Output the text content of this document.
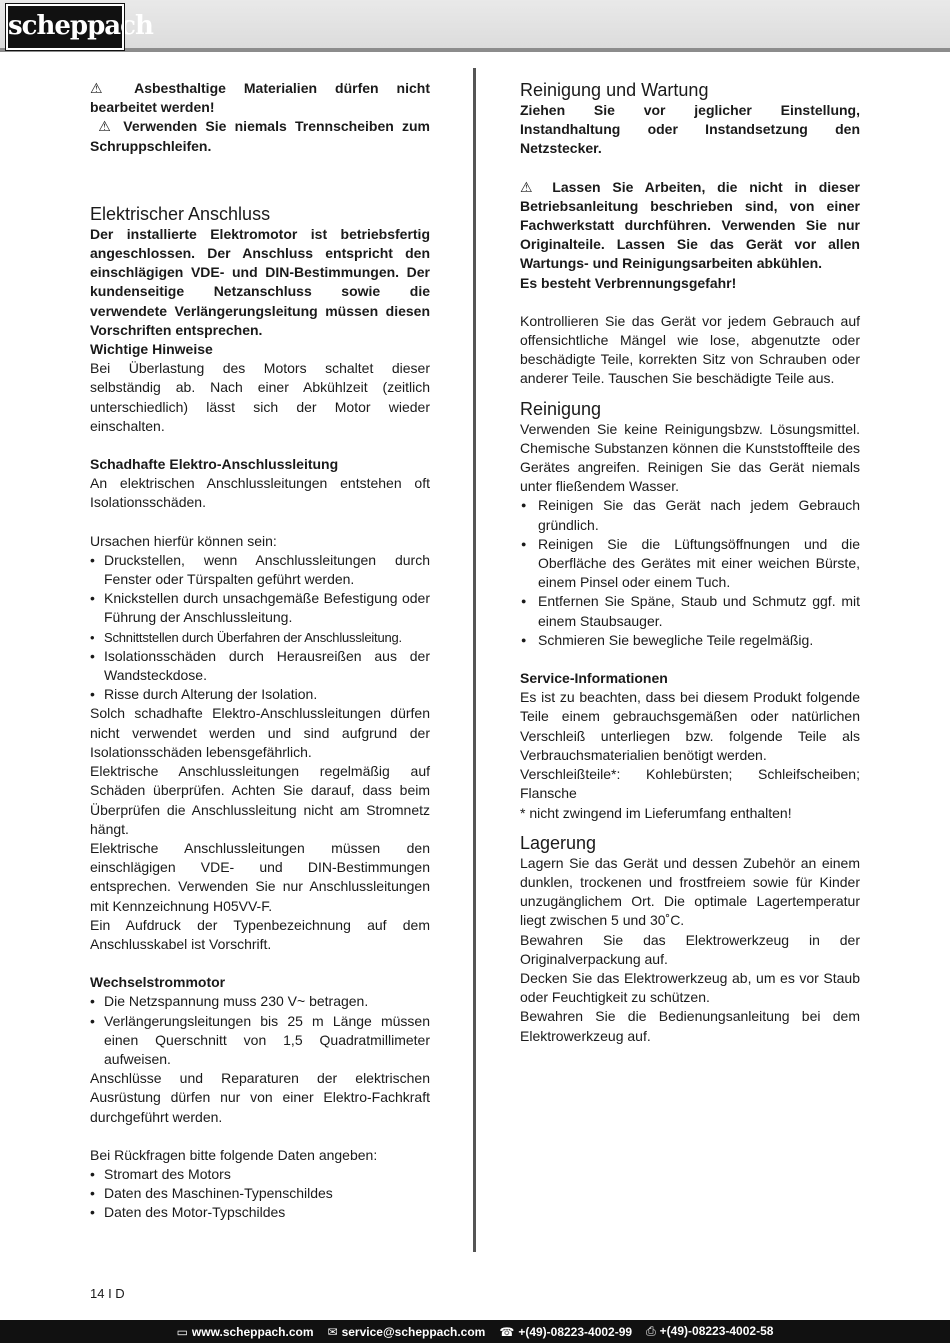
scheppach

⚠ Asbesthaltige Materialien dürfen nicht bearbeitet werden!

⚠ Verwenden Sie niemals Trennscheiben zum Schruppschleifen.

Elektrischer Anschluss

Der installierte Elektromotor ist betriebsfertig angeschlossen. Der Anschluss entspricht den einschlägigen VDE- und DIN-Bestimmungen. Der kundenseitige Netzanschluss sowie die verwendete Verlängerungsleitung müssen diesen Vorschriften entsprechen.

Wichtige Hinweise

Bei Überlastung des Motors schaltet dieser selbständig ab. Nach einer Abkühlzeit (zeitlich unterschiedlich) lässt sich der Motor wieder einschalten.

Schadhafte Elektro-Anschlussleitung

An elektrischen Anschlussleitungen entstehen oft Isolationsschäden.

Ursachen hierfür können sein:

• Druckstellen, wenn Anschlussleitungen durch Fenster oder Türspalten geführt werden.
• Knickstellen durch unsachgemäße Befestigung oder Führung der Anschlussleitung.
• Schnittstellen durch Überfahren der Anschlussleitung.
• Isolationsschäden durch Herausreißen aus der Wandsteckdose.
• Risse durch Alterung der Isolation.

Solch schadhafte Elektro-Anschlussleitungen dürfen nicht verwendet werden und sind aufgrund der Isolationsschäden lebensgefährlich.

Elektrische Anschlussleitungen regelmäßig auf Schäden überprüfen. Achten Sie darauf, dass beim Überprüfen die Anschlussleitung nicht am Stromnetz hängt.

Elektrische Anschlussleitungen müssen den einschlägigen VDE- und DIN-Bestimmungen entsprechen. Verwenden Sie nur Anschlussleitungen mit Kennzeichnung H05VV-F.

Ein Aufdruck der Typenbezeichnung auf dem Anschlusskabel ist Vorschrift.

Wechselstrommotor

• Die Netzspannung muss 230 V~ betragen.
• Verlängerungsleitungen bis 25 m Länge müssen einen Querschnitt von 1,5 Quadratmillimeter aufweisen.

Anschlüsse und Reparaturen der elektrischen Ausrüstung dürfen nur von einer Elektro-Fachkraft durchgeführt werden.

Bei Rückfragen bitte folgende Daten angeben:

• Stromart des Motors
• Daten des Maschinen-Typenschildes
• Daten des Motor-Typschildes
Reinigung und Wartung

Ziehen Sie vor jeglicher Einstellung, Instandhaltung oder Instandsetzung den Netzstecker.

⚠ Lassen Sie Arbeiten, die nicht in dieser Betriebsanleitung beschrieben sind, von einer Fachwerkstatt durchführen. Verwenden Sie nur Originalteile. Lassen Sie das Gerät vor allen Wartungs- und Reinigungsarbeiten abkühlen.

Es besteht Verbrennungsgefahr!

Kontrollieren Sie das Gerät vor jedem Gebrauch auf offensichtliche Mängel wie lose, abgenutzte oder beschädigte Teile, korrekten Sitz von Schrauben oder anderer Teile. Tauschen Sie beschädigte Teile aus.

Reinigung

Verwenden Sie keine Reinigungsbzw. Lösungsmittel. Chemische Substanzen können die Kunststoffteile des Gerätes angreifen. Reinigen Sie das Gerät niemals unter fließendem Wasser.

● Reinigen Sie das Gerät nach jedem Gebrauch gründlich.
● Reinigen Sie die Lüftungsöffnungen und die Oberfläche des Gerätes mit einer weichen Bürste, einem Pinsel oder einem Tuch.
● Entfernen Sie Späne, Staub und Schmutz ggf. mit einem Staubsauger.
● Schmieren Sie bewegliche Teile regelmäßig.

Service-Informationen

Es ist zu beachten, dass bei diesem Produkt folgende Teile einem gebrauchsgemäßen oder natürlichen Verschleiß unterliegen bzw. folgende Teile als Verbrauchsmaterialien benötigt werden.

Verschleißteile*: Kohlebürsten; Schleifscheiben; Flansche

* nicht zwingend im Lieferumfang enthalten!

Lagerung

Lagern Sie das Gerät und dessen Zubehör an einem dunklen, trockenen und frostfreiem sowie für Kinder unzugänglichem Ort. Die optimale Lagertemperatur liegt zwischen 5 und 30˚C.

Bewahren Sie das Elektrowerkzeug in der Originalverpackung auf.

Decken Sie das Elektrowerkzeug ab, um es vor Staub oder Feuchtigkeit zu schützen.

Bewahren Sie die Bedienungsanleitung bei dem Elektrowerkzeug auf.

14 I D
▭ www.scheppach.com ✉ service@scheppach.com ☎ +(49)-08223-4002-99 ⎙ +(49)-08223-4002-58
